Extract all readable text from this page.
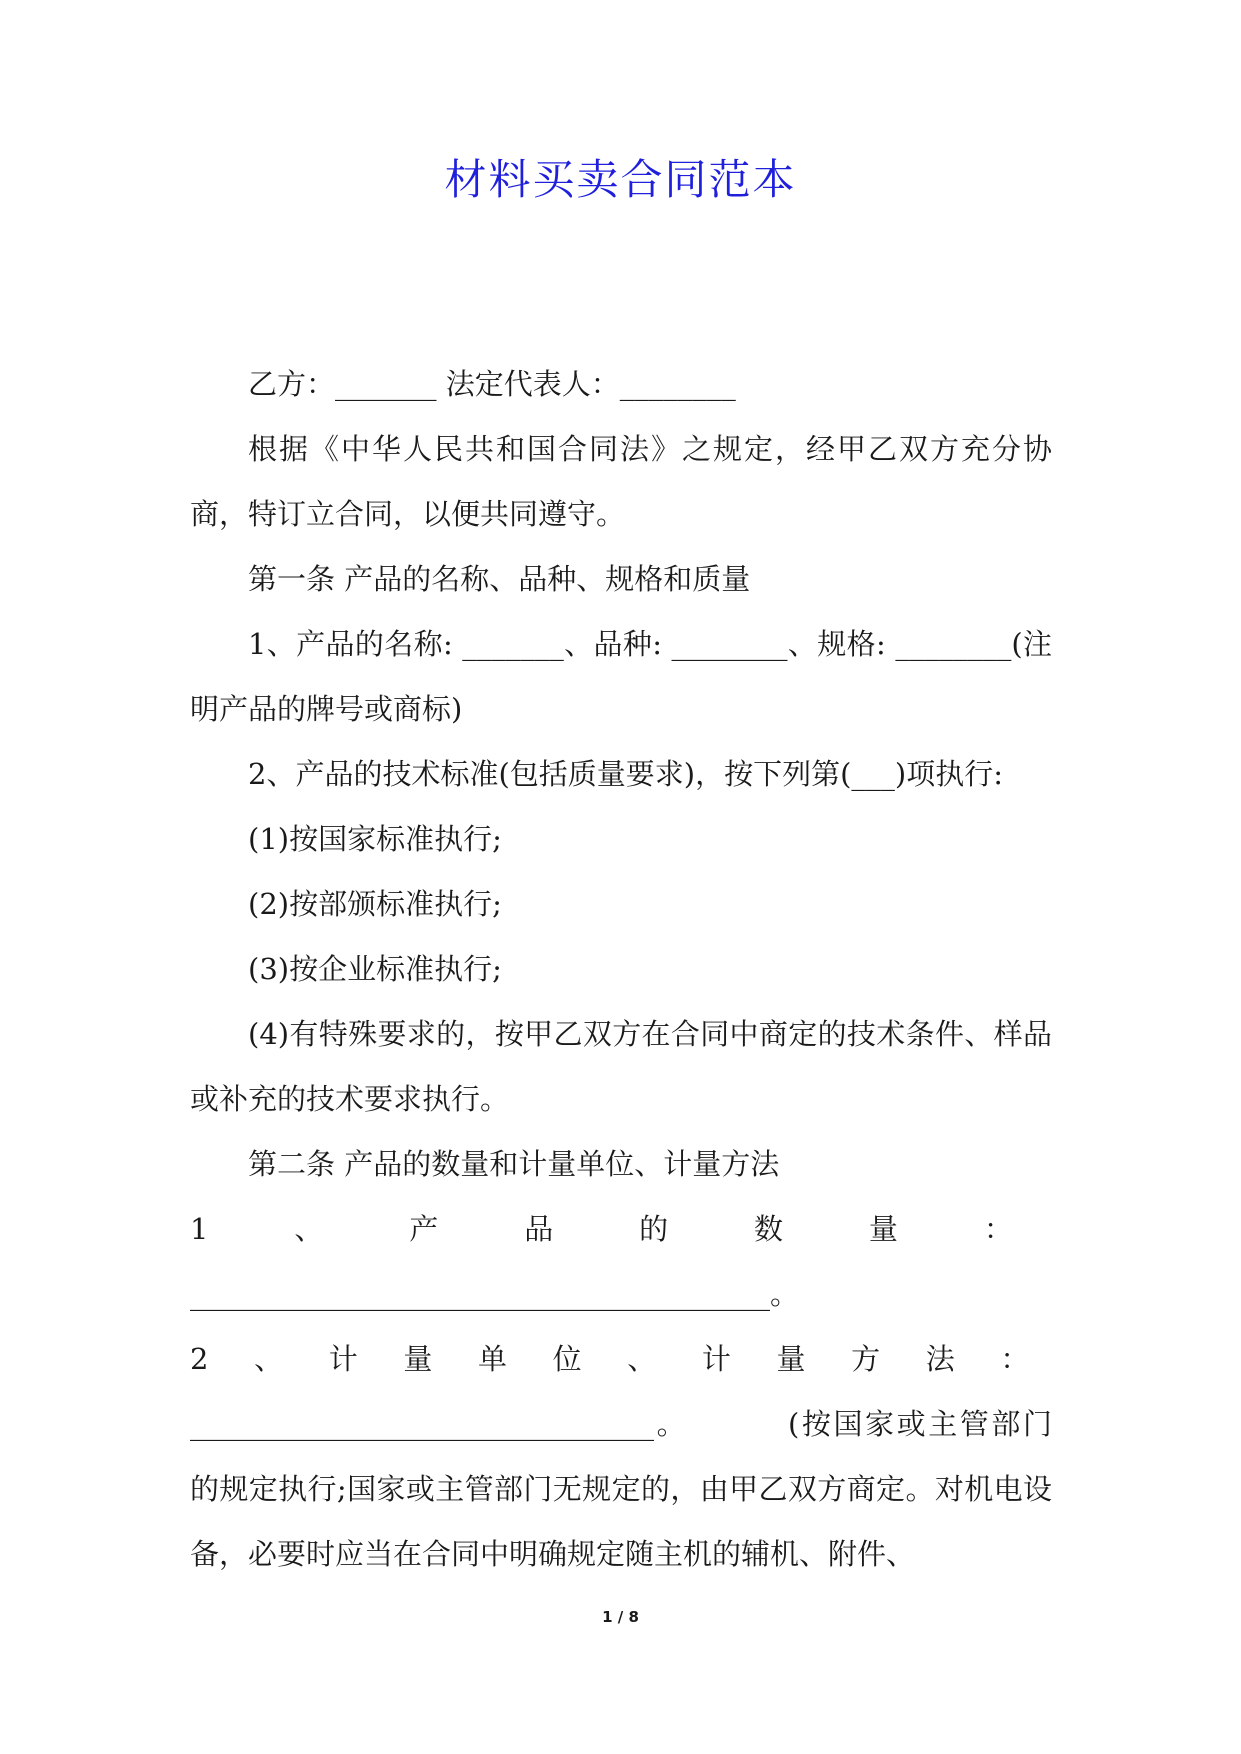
材料买卖合同范本

乙方：_______ 法定代表人：________

根据《中华人民共和国合同法》之规定，经甲乙双方充分协商，特订立合同，以便共同遵守。

第一条 产品的名称、品种、规格和质量

1、产品的名称: _______、品种: ________、规格: ________(注明产品的牌号或商标)

2、产品的技术标准(包括质量要求)，按下列第(___)项执行:

(1)按国家标准执行;

(2)按部颁标准执行;

(3)按企业标准执行;

(4)有特殊要求的，按甲乙双方在合同中商定的技术条件、样品或补充的技术要求执行。

第二条 产品的数量和计量单位、计量方法

1、产品的数量：

________________________________________。

2、计量单位、计量方法：

________________________________。	(按国家或主管部门的规定执行;国家或主管部门无规定的，由甲乙双方商定。对机电设备，必要时应当在合同中明确规定随主机的辅机、附件、

1 / 8
